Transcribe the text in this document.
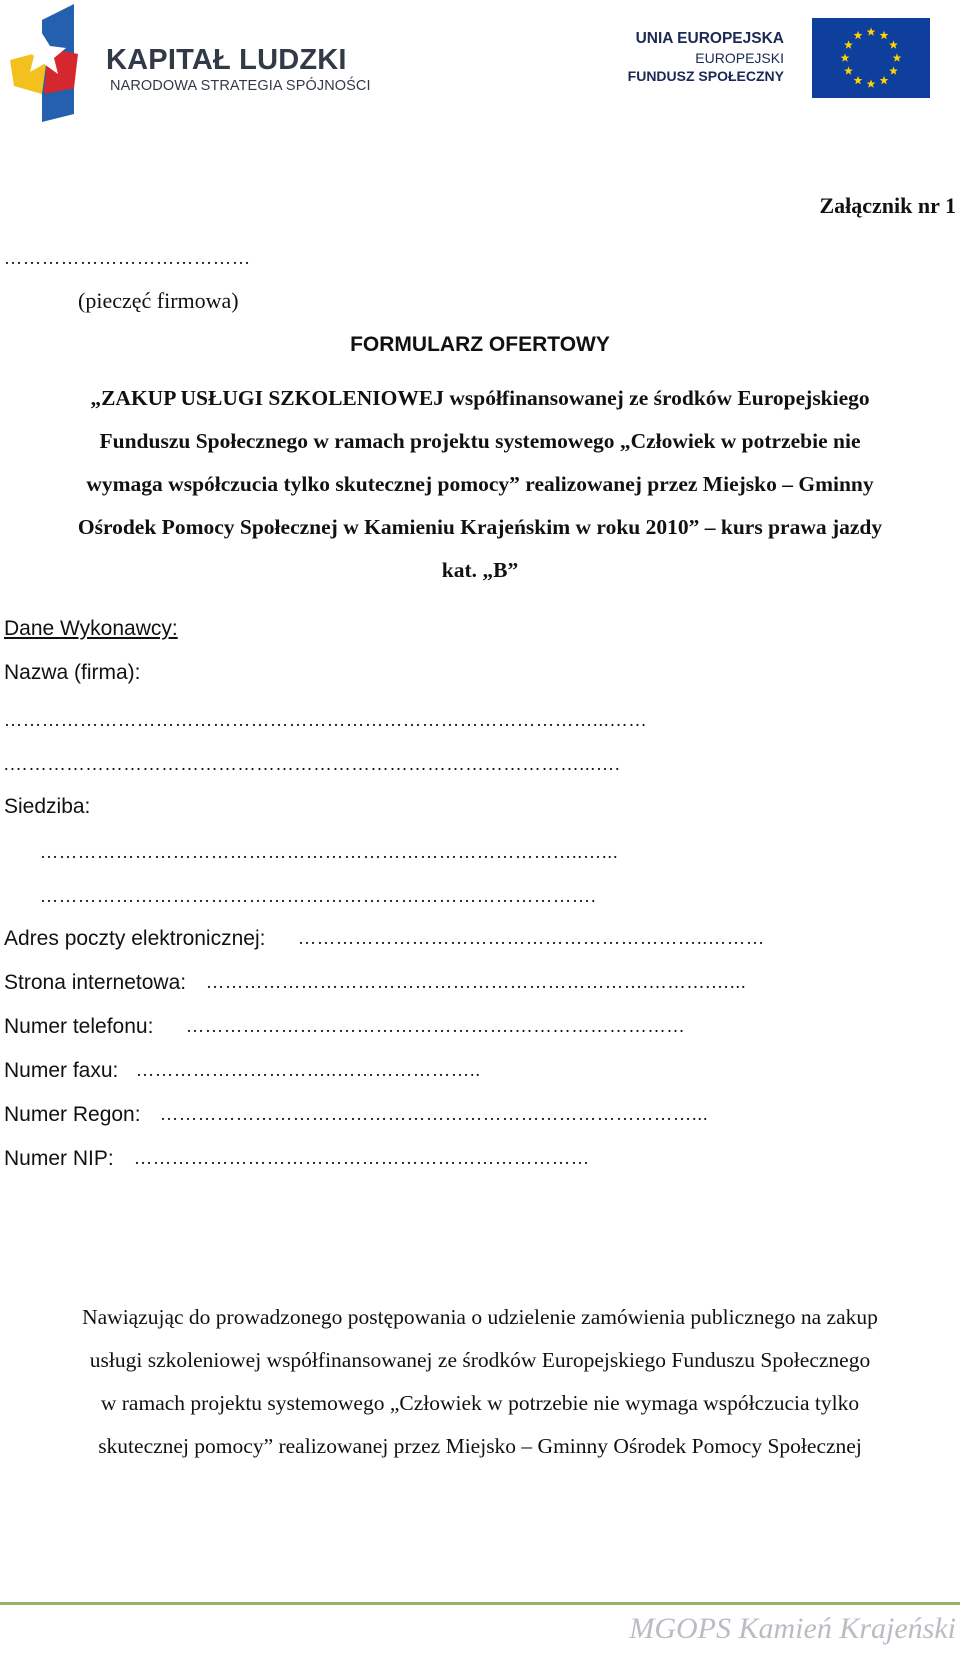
KAPITAŁ LUDZKI
NARODOWA STRATEGIA SPÓJNOŚCI
UNIA EUROPEJSKA
EUROPEJSKI
FUNDUSZ SPOŁECZNY
Załącznik nr 1
…………………………………
(pieczęć firmowa)
FORMULARZ OFERTOWY
„ZAKUP USŁUGI SZKOLENIOWEJ współfinansowanej ze środków Europejskiego
Funduszu Społecznego w ramach projektu systemowego „Człowiek w potrzebie nie
wymaga współczucia tylko skutecznej pomocy” realizowanej przez Miejsko – Gminny
Ośrodek Pomocy Społecznej w Kamieniu Krajeńskim w roku 2010” – kurs prawa jazdy
kat. „B”
Dane Wykonawcy:
Nazwa (firma):
…………………………………………………………………………………...……
.………………………………………………………………………………...….
Siedziba:
…………………………………………………………………………..…...
…………………………………………………………………………….
Adres poczty elektronicznej: ………………………………………………………..………
Strona internetowa: …………………………………………………………….……….…...
Numer telefonu: …………………………………………….………………………
Numer faxu: …………………………..…………………..
Numer Regon: …………………………………………………………………………...
Numer NIP: ………………………………………………………………
Nawiązując do prowadzonego postępowania o udzielenie zamówienia publicznego na zakup
usługi szkoleniowej współfinansowanej ze środków Europejskiego Funduszu Społecznego
w ramach projektu systemowego „Człowiek w potrzebie nie wymaga współczucia tylko
skutecznej pomocy” realizowanej przez Miejsko – Gminny Ośrodek Pomocy Społecznej
MGOPS Kamień Krajeński
